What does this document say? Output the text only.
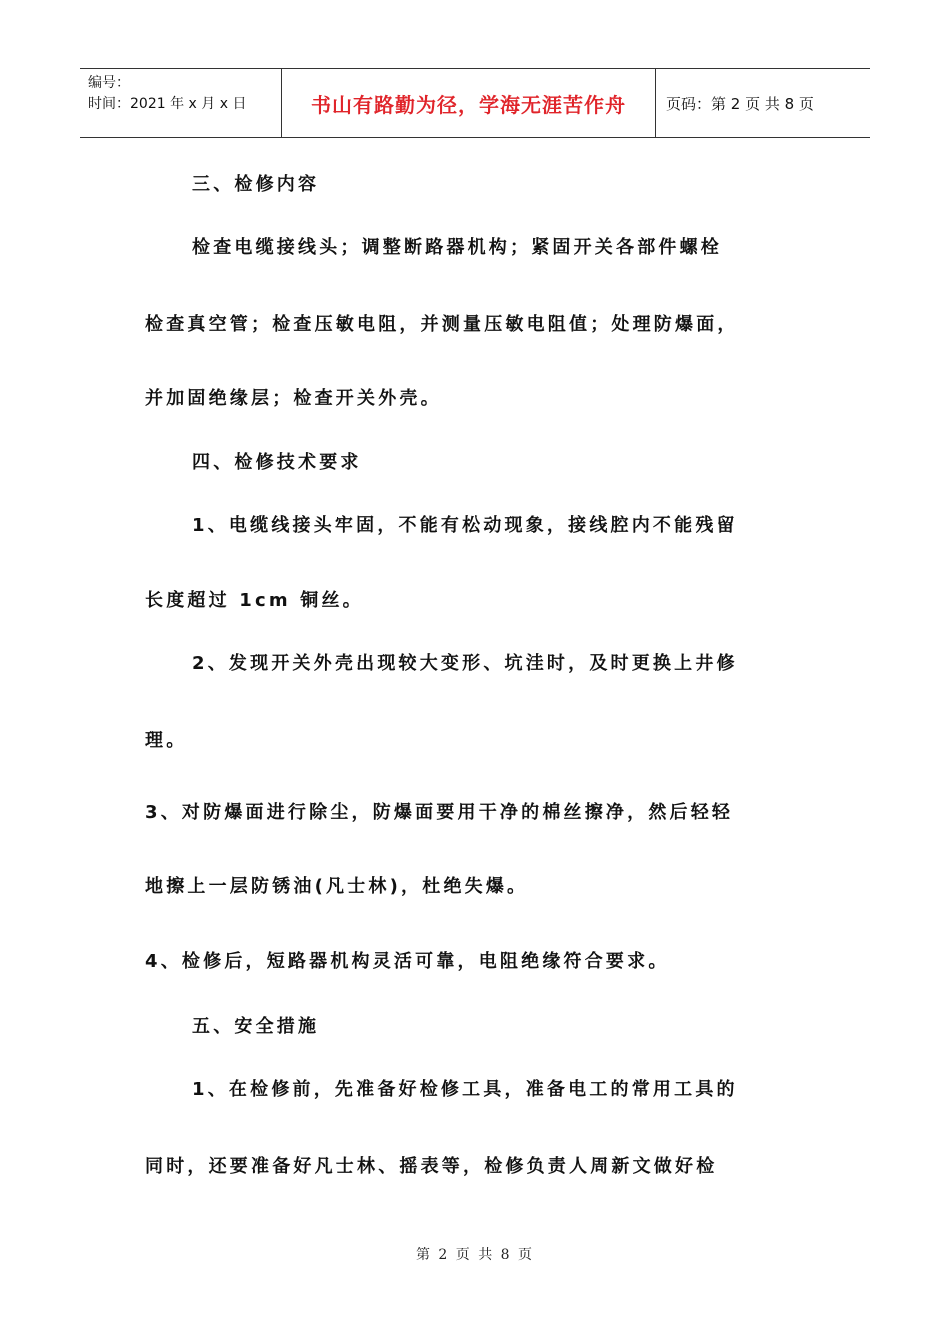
编号：
时间：2021 年 x 月 x 日	书山有路勤为径，学海无涯苦作舟	页码：第 2 页 共 8 页
三、检修内容
检查电缆接线头；调整断路器机构；紧固开关各部件螺栓
检查真空管；检查压敏电阻，并测量压敏电阻值；处理防爆面，
并加固绝缘层；检查开关外壳。
四、检修技术要求
1、电缆线接头牢固，不能有松动现象，接线腔内不能残留
长度超过 1cm 铜丝。
2、发现开关外壳出现较大变形、坑洼时，及时更换上井修
理。
3、对防爆面进行除尘，防爆面要用干净的棉丝擦净，然后轻轻
地擦上一层防锈油(凡士林)，杜绝失爆。
4、检修后，短路器机构灵活可靠，电阻绝缘符合要求。
五、安全措施
1、在检修前，先准备好检修工具，准备电工的常用工具的
同时，还要准备好凡士林、摇表等，检修负责人周新文做好检
第 2 页 共 8 页
